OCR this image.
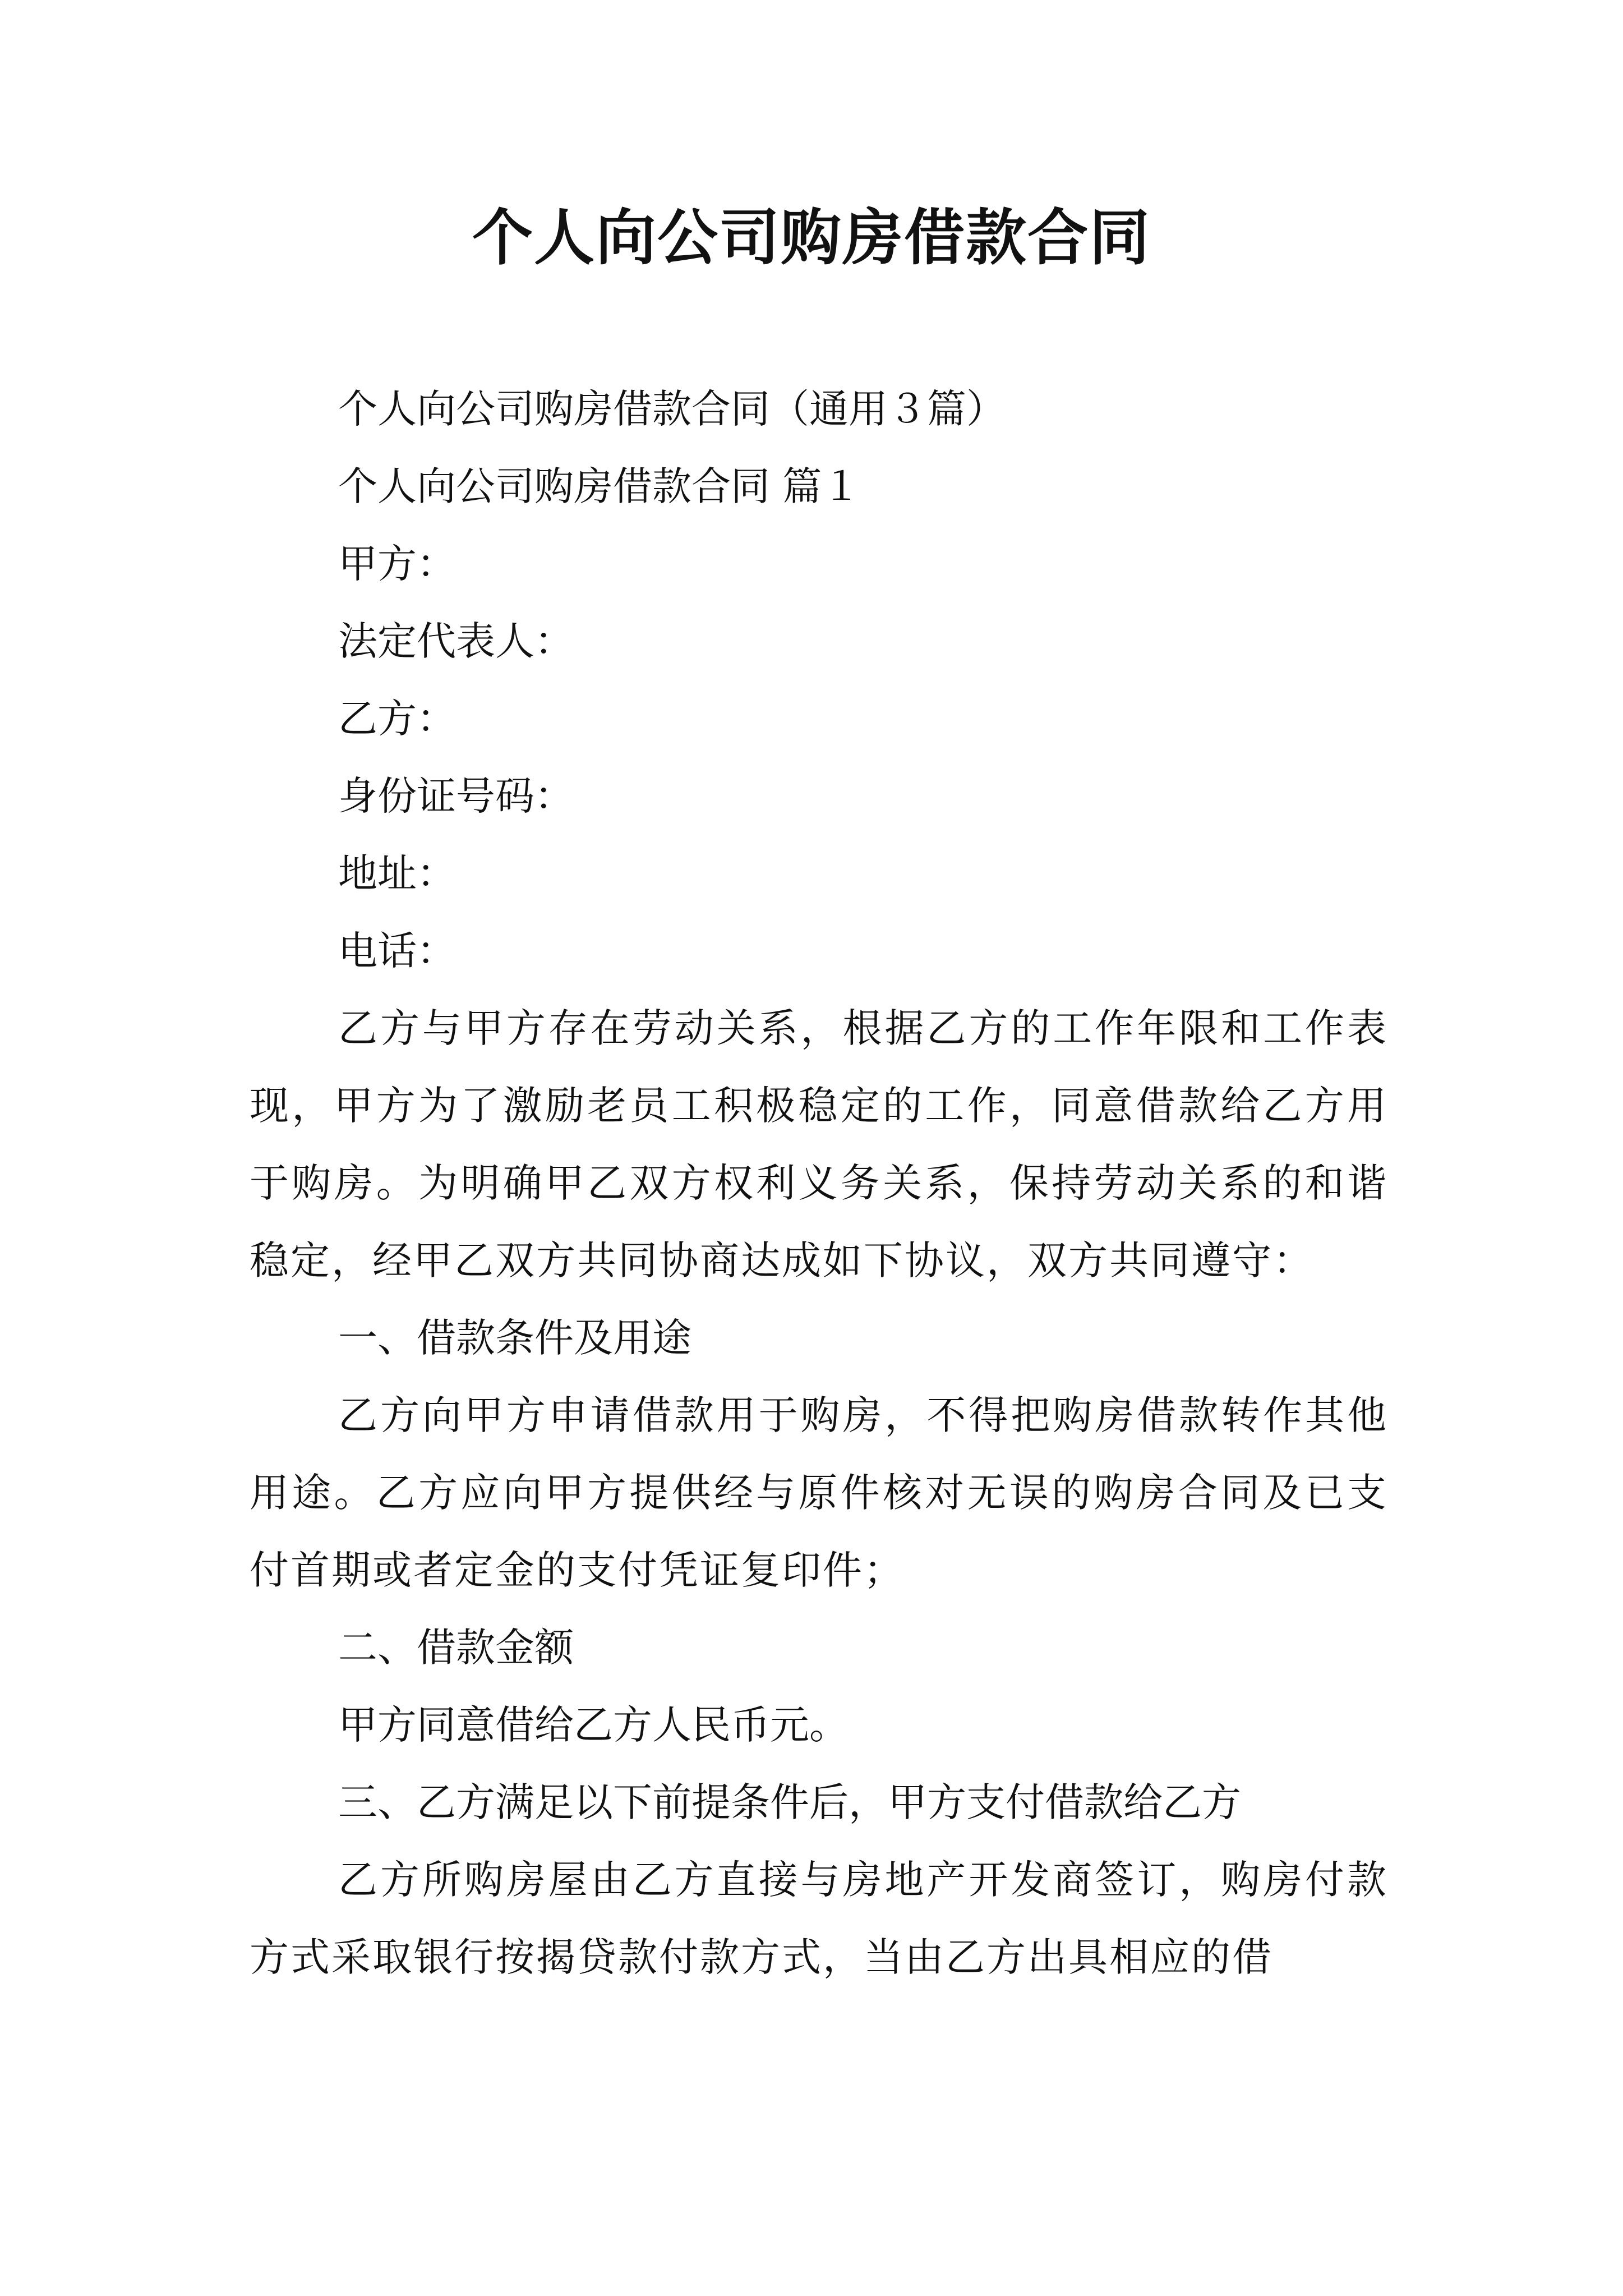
个人向公司购房借款合同

个人向公司购房借款合同（通用３篇）

个人向公司购房借款合同 篇１

甲方：

法定代表人：

乙方：

身份证号码：

地址：

电话：

乙方与甲方存在劳动关系，根据乙方的工作年限和工作表现，甲方为了激励老员工积极稳定的工作，同意借款给乙方用于购房。为明确甲乙双方权利义务关系，保持劳动关系的和谐稳定，经甲乙双方共同协商达成如下协议，双方共同遵守：

一、借款条件及用途

乙方向甲方申请借款用于购房，不得把购房借款转作其他用途。乙方应向甲方提供经与原件核对无误的购房合同及已支付首期或者定金的支付凭证复印件；

二、借款金额

甲方同意借给乙方人民币元。

三、乙方满足以下前提条件后，甲方支付借款给乙方

乙方所购房屋由乙方直接与房地产开发商签订，购房付款方式采取银行按揭贷款付款方式，当由乙方出具相应的借
